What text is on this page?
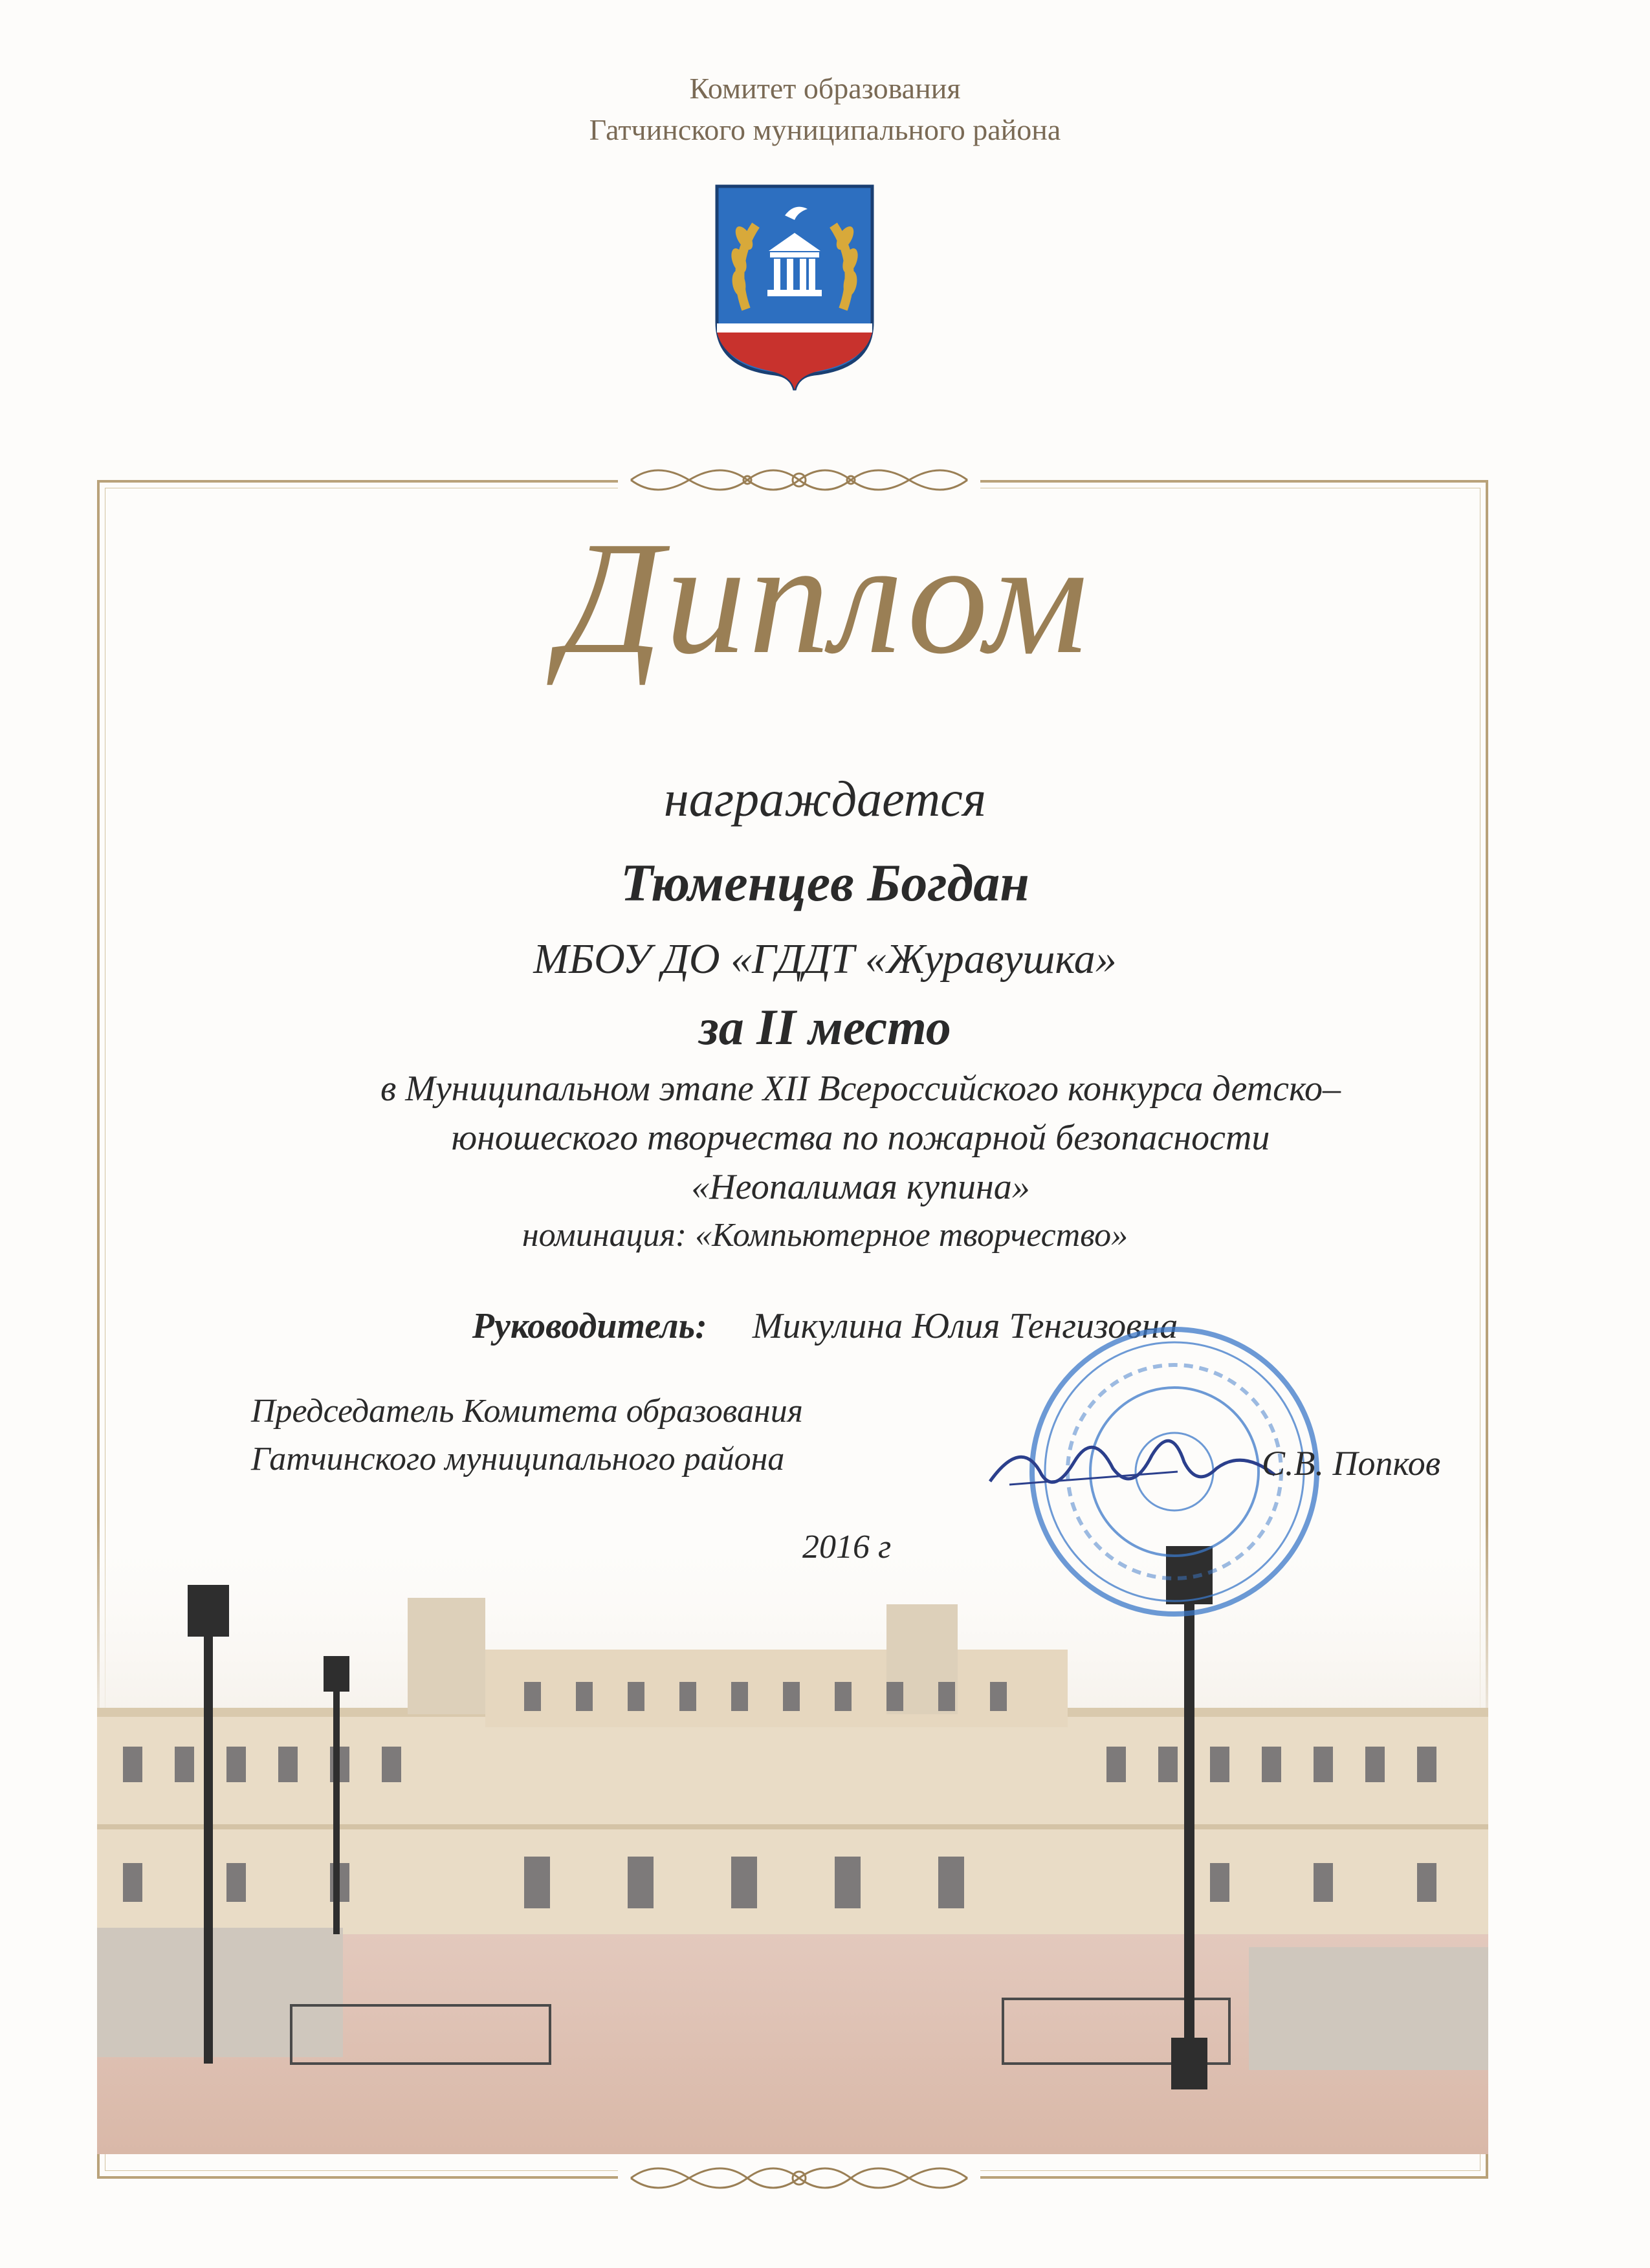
Комитет образования
Гатчинского муниципального района
Диплом
награждается
Тюменцев Богдан
МБОУ ДО «ГДДТ «Журавушка»
за II место
в Муниципальном этапе XII Всероссийского конкурса детско–
юношеского творчества по пожарной безопасности
«Неопалимая купина»
номинация: «Компьютерное творчество»
Руководитель: Микулина Юлия Тенгизовна
Председатель Комитета образования
Гатчинского муниципального района	С.В. Попков
2016 г
